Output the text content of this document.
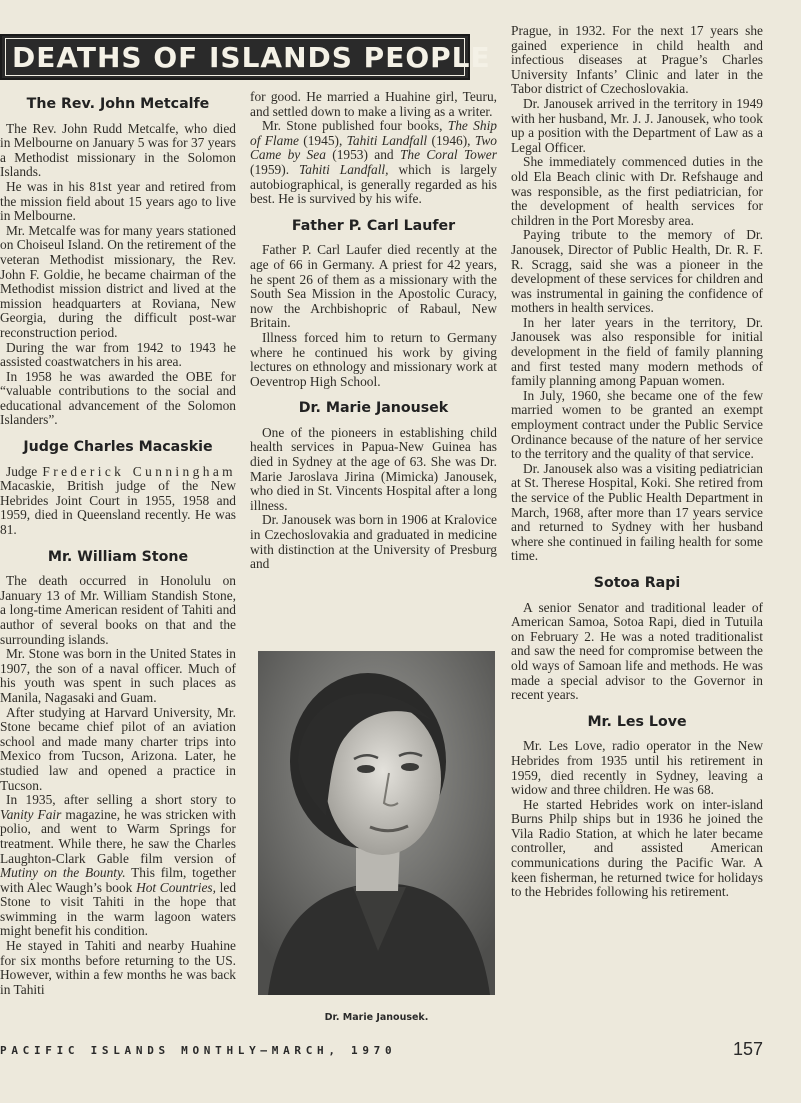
DEATHS OF ISLANDS PEOPLE
The Rev. John Metcalfe

The Rev. John Rudd Metcalfe, who died in Melbourne on January 5 was for 37 years a Methodist missionary in the Solomon Islands.

He was in his 81st year and retired from the mission field about 15 years ago to live in Melbourne.

Mr. Metcalfe was for many years stationed on Choiseul Island. On the retirement of the veteran Methodist missionary, the Rev. John F. Goldie, he became chairman of the Methodist mission district and lived at the mission headquarters at Roviana, New Georgia, during the difficult post-war reconstruction period.

During the war from 1942 to 1943 he assisted coastwatchers in his area.

In 1958 he was awarded the OBE for “valuable contributions to the social and educational advancement of the Solomon Islanders”.

Judge Charles Macaskie

Judge Frederick Cunningham Macaskie, British judge of the New Hebrides Joint Court in 1955, 1958 and 1959, died in Queensland recently. He was 81.

Mr. William Stone

The death occurred in Honolulu on January 13 of Mr. William Standish Stone, a long-time American resident of Tahiti and author of several books on that and the surrounding islands.

Mr. Stone was born in the United States in 1907, the son of a naval officer. Much of his youth was spent in such places as Manila, Nagasaki and Guam.

After studying at Harvard University, Mr. Stone became chief pilot of an aviation school and made many charter trips into Mexico from Tucson, Arizona. Later, he studied law and opened a practice in Tucson.

In 1935, after selling a short story to Vanity Fair magazine, he was stricken with polio, and went to Warm Springs for treatment. While there, he saw the Charles Laughton-Clark Gable film version of Mutiny on the Bounty. This film, together with Alec Waugh’s book Hot Countries, led Stone to visit Tahiti in the hope that swimming in the warm lagoon waters might benefit his condition.

He stayed in Tahiti and nearby Huahine for six months before returning to the US. However, within a few months he was back in Tahiti

for good. He married a Huahine girl, Teuru, and settled down to make a living as a writer.

Mr. Stone published four books, The Ship of Flame (1945), Tahiti Landfall (1946), Two Came by Sea (1953) and The Coral Tower (1959). Tahiti Landfall, which is largely autobiographical, is generally regarded as his best. He is survived by his wife.

Father P. Carl Laufer

Father P. Carl Laufer died recently at the age of 66 in Germany. A priest for 42 years, he spent 26 of them as a missionary with the South Sea Mission in the Apostolic Curacy, now the Archbishopric of Rabaul, New Britain.

Illness forced him to return to Germany where he continued his work by giving lectures on ethnology and missionary work at Oeventrop High School.

Dr. Marie Janousek

One of the pioneers in establishing child health services in Papua-New Guinea has died in Sydney at the age of 63. She was Dr. Marie Jaroslava Jirina (Mimicka) Janousek, who died in St. Vincents Hospital after a long illness.

Dr. Janousek was born in 1906 at Kralovice in Czechoslovakia and graduated in medicine with distinction at the University of Presburg and

Dr. Marie Janousek.

Prague, in 1932. For the next 17 years she gained experience in child health and infectious diseases at Prague’s Charles University Infants’ Clinic and later in the Tabor district of Czechoslovakia.

Dr. Janousek arrived in the territory in 1949 with her husband, Mr. J. J. Janousek, who took up a position with the Department of Law as a Legal Officer.

She immediately commenced duties in the old Ela Beach clinic with Dr. Refshauge and was responsible, as the first pediatrician, for the development of health services for children in the Port Moresby area.

Paying tribute to the memory of Dr. Janousek, Director of Public Health, Dr. R. F. R. Scragg, said she was a pioneer in the development of these services for children and was instrumental in gaining the confidence of mothers in health services.

In her later years in the territory, Dr. Janousek was also responsible for initial development in the field of family planning and first tested many modern methods of family planning among Papuan women.

In July, 1960, she became one of the few married women to be granted an exempt employment contract under the Public Service Ordinance because of the nature of her service to the territory and the quality of that service.

Dr. Janousek also was a visiting pediatrician at St. Therese Hospital, Koki. She retired from the service of the Public Health Department in March, 1968, after more than 17 years service and returned to Sydney with her husband where she continued in failing health for some time.

Sotoa Rapi

A senior Senator and traditional leader of American Samoa, Sotoa Rapi, died in Tutuila on February 2. He was a noted traditionalist and saw the need for compromise between the old ways of Samoan life and methods. He was made a special advisor to the Governor in recent years.

Mr. Les Love

Mr. Les Love, radio operator in the New Hebrides from 1935 until his retirement in 1959, died recently in Sydney, leaving a widow and three children. He was 68.

He started Hebrides work on inter-island Burns Philp ships but in 1936 he joined the Vila Radio Station, at which he later became controller, and assisted American communications during the Pacific War. A keen fisherman, he returned twice for holidays to the Hebrides following his retirement.

PACIFIC ISLANDS MONTHLY—MARCH, 1970	157
